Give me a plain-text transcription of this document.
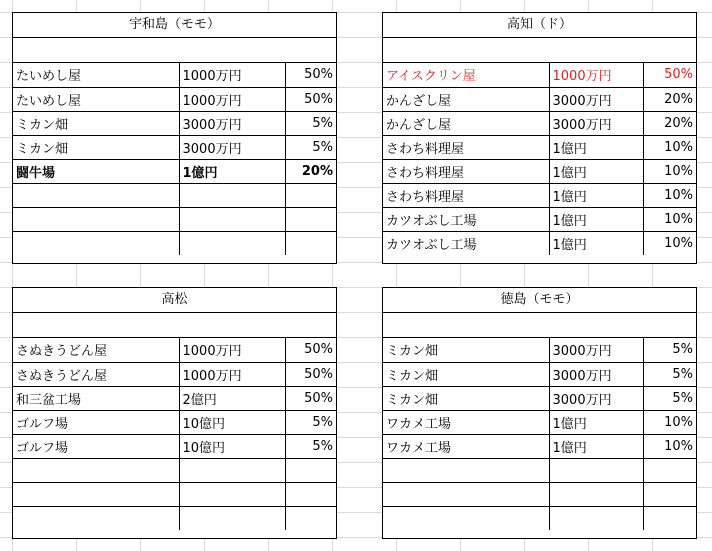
宇和島（モモ）
たいめし屋	1000万円	50%
たいめし屋	1000万円	50%
ミカン畑	3000万円	5%
ミカン畑	3000万円	5%
闘牛場	1億円	20%

高知（ド）
アイスクリン屋	1000万円	50%
かんざし屋	3000万円	20%
かんざし屋	3000万円	20%
さわち料理屋	1億円	10%
さわち料理屋	1億円	10%
さわち料理屋	1億円	10%
カツオぶし工場	1億円	10%
カツオぶし工場	1億円	10%
高松
さぬきうどん屋	1000万円	50%
さぬきうどん屋	1000万円	50%
和三盆工場	2億円	50%
ゴルフ場	10億円	5%
ゴルフ場	10億円	5%

徳島（モモ）
ミカン畑	3000万円	5%
ミカン畑	3000万円	5%
ミカン畑	3000万円	5%
ワカメ工場	1億円	10%
ワカメ工場	1億円	10%
